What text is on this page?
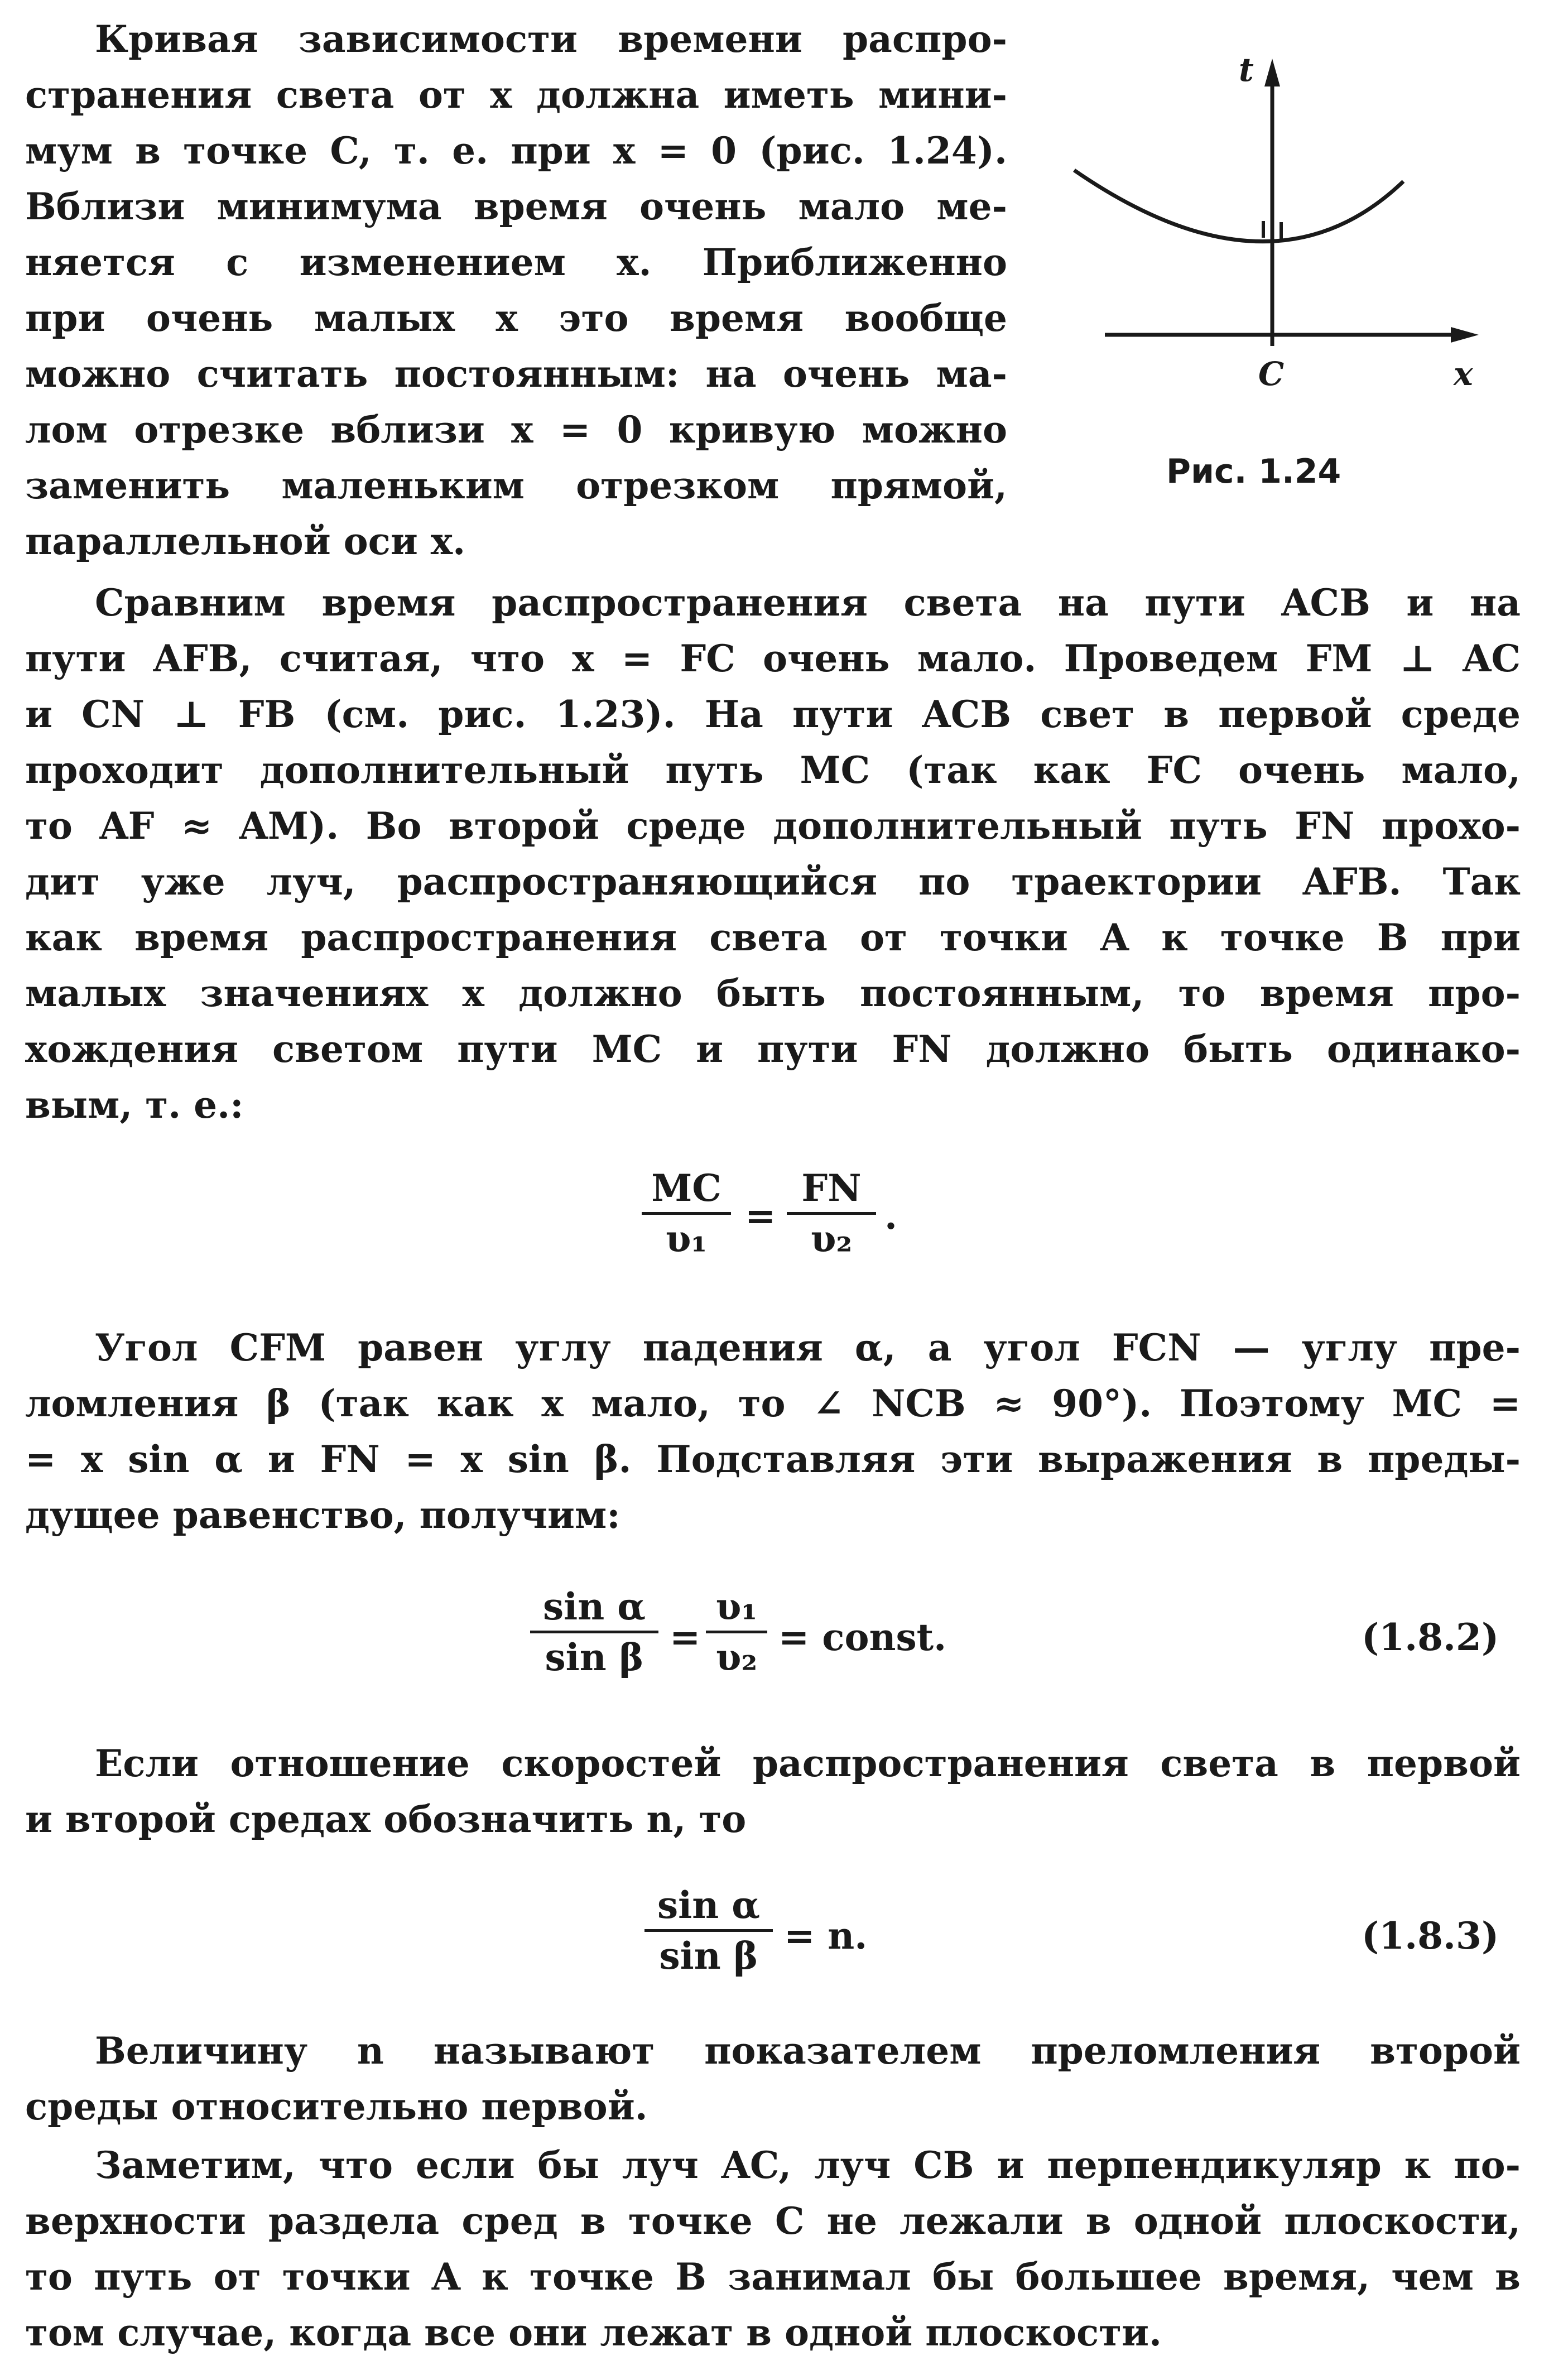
Кривая зависимости времени распро-
странения света от x должна иметь мини-
мум в точке C, т. е. при x = 0 (рис. 1.24).
Вблизи минимума время очень мало ме-
няется с изменением x. Приближенно
при очень малых x это время вообще
можно считать постоянным: на очень ма-
лом отрезке вблизи x = 0 кривую можно
заменить маленьким отрезком прямой,
параллельной оси x.
t
C	x
Рис. 1.24
Сравним время распространения света на пути ACB и на
пути AFB, считая, что x = FC очень мало. Проведем FM ⊥ AC
и CN ⊥ FB (см. рис. 1.23). На пути ACB свет в первой среде
проходит дополнительный путь MC (так как FC очень мало,
то AF ≈ AM). Во второй среде дополнительный путь FN прохо-
дит уже луч, распространяющийся по траектории AFB. Так
как время распространения света от точки A к точке B при
малых значениях x должно быть постоянным, то время про-
хождения светом пути MC и пути FN должно быть одинако-
вым, т. е.:
MC
υ₁
=
FN
υ₂
.
Угол CFM равен углу падения α, а угол FCN — углу пре-
ломления β (так как x мало, то ∠ NCB ≈ 90°). Поэтому MC =
= x sin α и FN = x sin β. Подставляя эти выражения в преды-
дущее равенство, получим:
sin α
sin β =
υ₁
υ₂ = const.	(1.8.2)
Если отношение скоростей распространения света в первой
и второй средах обозначить n, то
sin α
sin β = n.	(1.8.3)
Величину n называют показателем преломления второй
среды относительно первой.
Заметим, что если бы луч AC, луч CB и перпендикуляр к по-
верхности раздела сред в точке C не лежали в одной плоскости,
то путь от точки A к точке B занимал бы большее время, чем в
том случае, когда все они лежат в одной плоскости.
